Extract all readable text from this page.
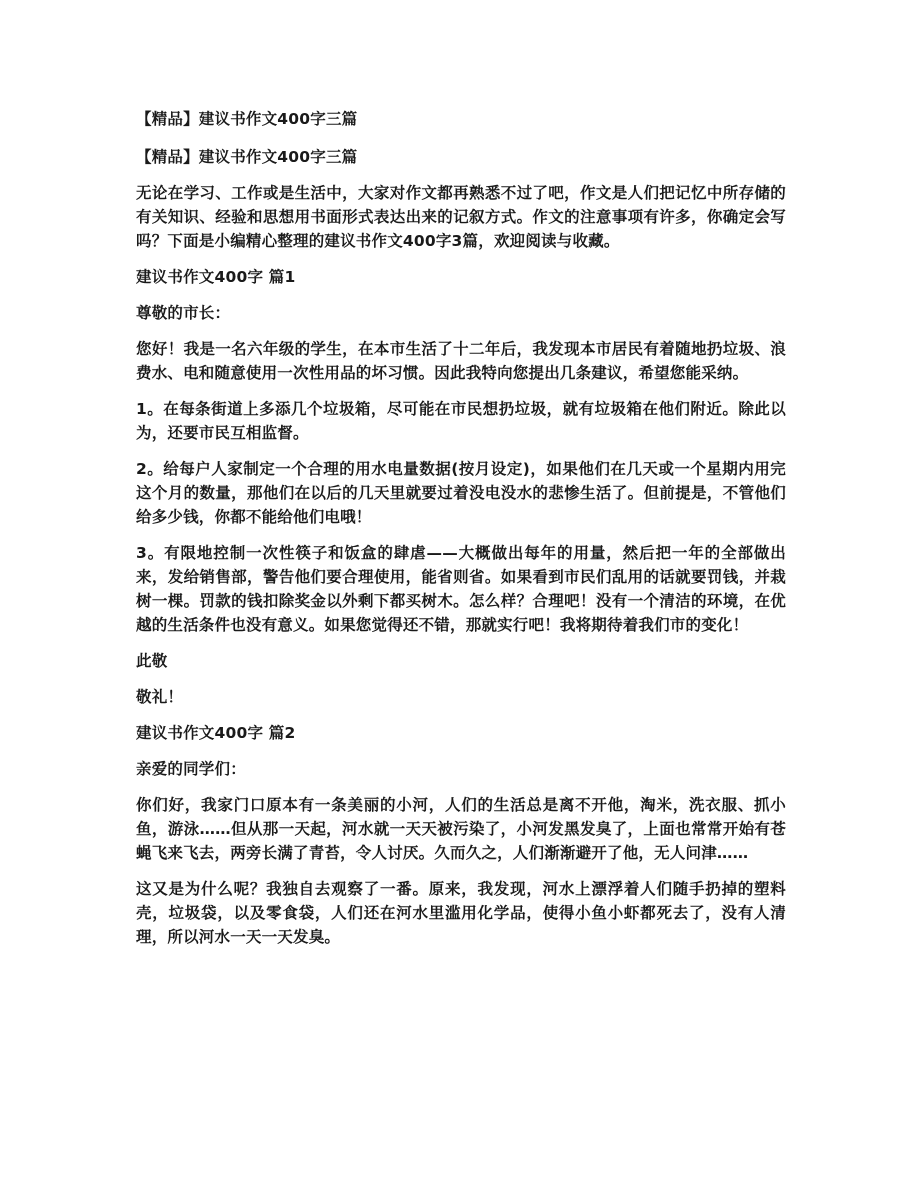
【精品】建议书作文400字三篇

【精品】建议书作文400字三篇

无论在学习、工作或是生活中，大家对作文都再熟悉不过了吧，作文是人们把记忆中所存储的有关知识、经验和思想用书面形式表达出来的记叙方式。作文的注意事项有许多，你确定会写吗？下面是小编精心整理的建议书作文400字3篇，欢迎阅读与收藏。

建议书作文400字 篇1

尊敬的市长：

您好！我是一名六年级的学生，在本市生活了十二年后，我发现本市居民有着随地扔垃圾、浪费水、电和随意使用一次性用品的坏习惯。因此我特向您提出几条建议，希望您能采纳。

1。在每条街道上多添几个垃圾箱，尽可能在市民想扔垃圾，就有垃圾箱在他们附近。除此以为，还要市民互相监督。

2。给每户人家制定一个合理的用水电量数据(按月设定)，如果他们在几天或一个星期内用完这个月的数量，那他们在以后的几天里就要过着没电没水的悲惨生活了。但前提是，不管他们给多少钱，你都不能给他们电哦！

3。有限地控制一次性筷子和饭盒的肆虐——大概做出每年的用量，然后把一年的全部做出来，发给销售部，警告他们要合理使用，能省则省。如果看到市民们乱用的话就要罚钱，并栽树一棵。罚款的钱扣除奖金以外剩下都买树木。怎么样？合理吧！没有一个清洁的环境，在优越的生活条件也没有意义。如果您觉得还不错，那就实行吧！我将期待着我们市的变化！

此敬

敬礼！

建议书作文400字 篇2

亲爱的同学们：

你们好，我家门口原本有一条美丽的小河，人们的生活总是离不开他，淘米，洗衣服、抓小鱼，游泳……但从那一天起，河水就一天天被污染了，小河发黑发臭了，上面也常常开始有苍蝇飞来飞去，两旁长满了青苔，令人讨厌。久而久之，人们渐渐避开了他，无人问津……

这又是为什么呢？我独自去观察了一番。原来，我发现，河水上漂浮着人们随手扔掉的塑料壳，垃圾袋，以及零食袋，人们还在河水里滥用化学品，使得小鱼小虾都死去了，没有人清理，所以河水一天一天发臭。
